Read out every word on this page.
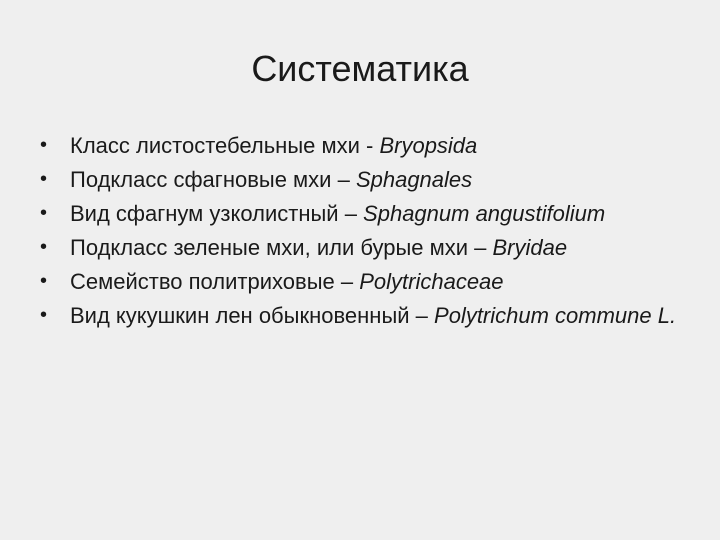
Систематика
•	Класс листостебельные мхи - Bryopsida
•	Подкласс сфагновые мхи – Sphagnales
•	Вид сфагнум узколистный – Sphagnum angustifolium
•	Подкласс зеленые мхи, или бурые мхи – Bryidae
•	Семейство политриховые – Polytrichaceae
•	Вид кукушкин лен обыкновенный – Polytrichum commune L.
